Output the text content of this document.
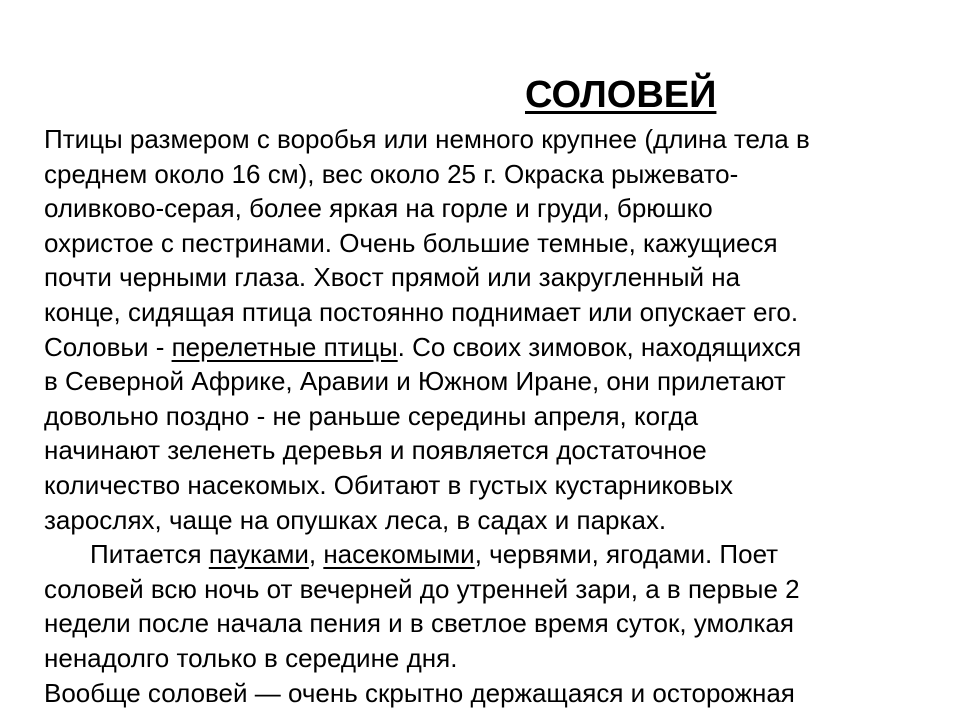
СОЛОВЕЙ
Птицы размером с воробья или немного крупнее (длина тела в
среднем около 16 см), вес около 25 г. Окраска рыжевато-
оливково-серая, более яркая на горле и груди, брюшко
охристое с пестринами. Очень большие темные, кажущиеся
почти черными глаза. Хвост прямой или закругленный на
конце, сидящая птица постоянно поднимает или опускает его.
Соловьи - перелетные птицы. Со своих зимовок, находящихся
в Северной Африке, Аравии и Южном Иране, они прилетают
довольно поздно - не раньше середины апреля, когда
начинают зеленеть деревья и появляется достаточное
количество насекомых. Обитают в густых кустарниковых
зарослях, чаще на опушках леса, в садах и парках.
Питается пауками, насекомыми, червями, ягодами. Поет
соловей всю ночь от вечерней до утренней зари, а в первые 2
недели после начала пения и в светлое время суток, умолкая
ненадолго только в середине дня.
Вообще соловей — очень скрытно держащаяся и осторожная
